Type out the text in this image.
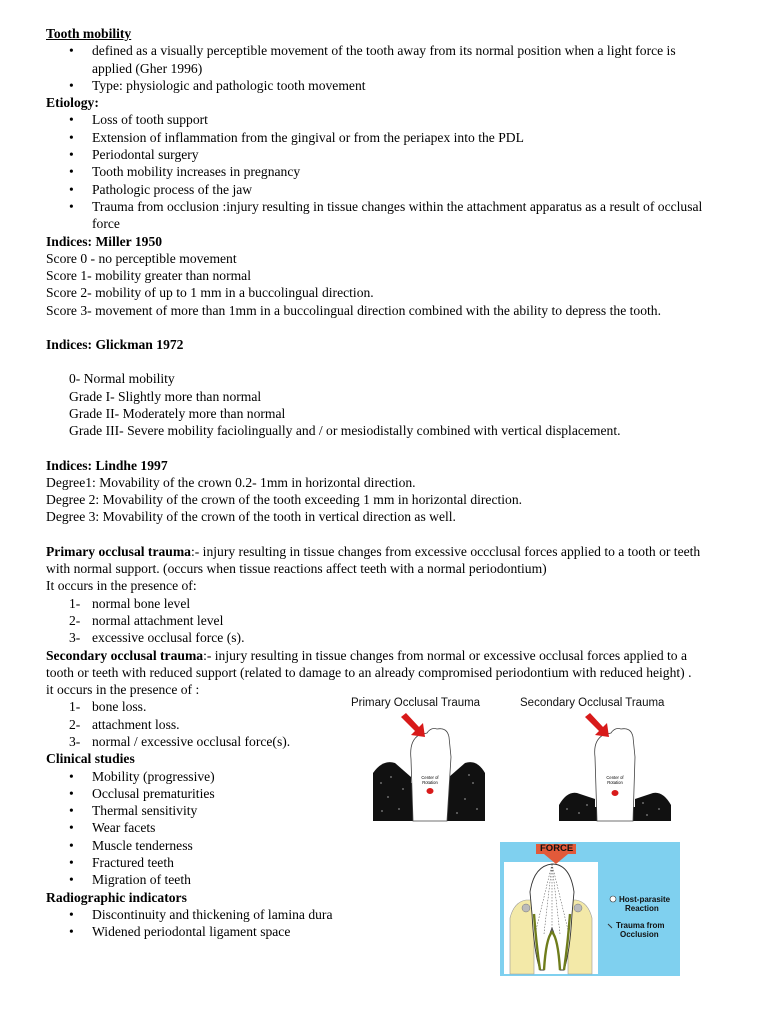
Tooth mobility
• defined as a visually perceptible movement of the tooth away from its normal position when a light force is applied (Gher 1996)
• Type: physiologic and pathologic tooth movement
Etiology:
• Loss of tooth support
• Extension of inflammation from the gingival or from the periapex into the PDL
• Periodontal surgery
• Tooth mobility increases in pregnancy
• Pathologic process of the jaw
• Trauma from occlusion :injury resulting in tissue changes within the attachment apparatus as a result of occlusal force
Indices: Miller 1950
Score 0 - no perceptible movement
Score 1- mobility greater than normal
Score 2- mobility of up to 1 mm in a buccolingual direction.
Score 3- movement of more than 1mm in a buccolingual direction combined with the ability to depress the tooth.
Indices: Glickman 1972
0- Normal mobility
Grade I- Slightly more than normal
Grade II- Moderately more than normal
Grade III- Severe mobility faciolingually and / or mesiodistally combined with vertical displacement.
Indices: Lindhe 1997
Degree1: Movability of the crown 0.2- 1mm in horizontal direction.
Degree 2: Movability of the crown of the tooth exceeding 1 mm in horizontal direction.
Degree 3: Movability of the crown of the tooth in vertical direction as well.
Primary occlusal trauma:- injury resulting in tissue changes from excessive occclusal forces applied to a tooth or teeth with normal support. (occurs when tissue reactions affect teeth with a normal periodontium)
It occurs in the presence of:
1- normal bone level
2- normal attachment level
3- excessive occlusal force (s).
Secondary occlusal trauma:- injury resulting in tissue changes from normal or excessive occlusal forces applied to a tooth or teeth with reduced support (related to damage to an already compromised periodontium with reduced height) .
it occurs in the presence of :
1- bone loss.
2- attachment loss.
3- normal / excessive occlusal force(s).
Clinical studies
• Mobility (progressive)
• Occlusal prematurities
• Thermal sensitivity
• Wear facets
• Muscle tenderness
• Fractured teeth
• Migration of teeth
Radiographic indicators
• Discontinuity and thickening of lamina dura
• Widened periodontal ligament space
Primary Occlusal Trauma	Secondary Occlusal Trauma
Center of
Rotation
Center of
Rotation
FORCE
Host-parasite
Reaction
Trauma from
Occlusion
